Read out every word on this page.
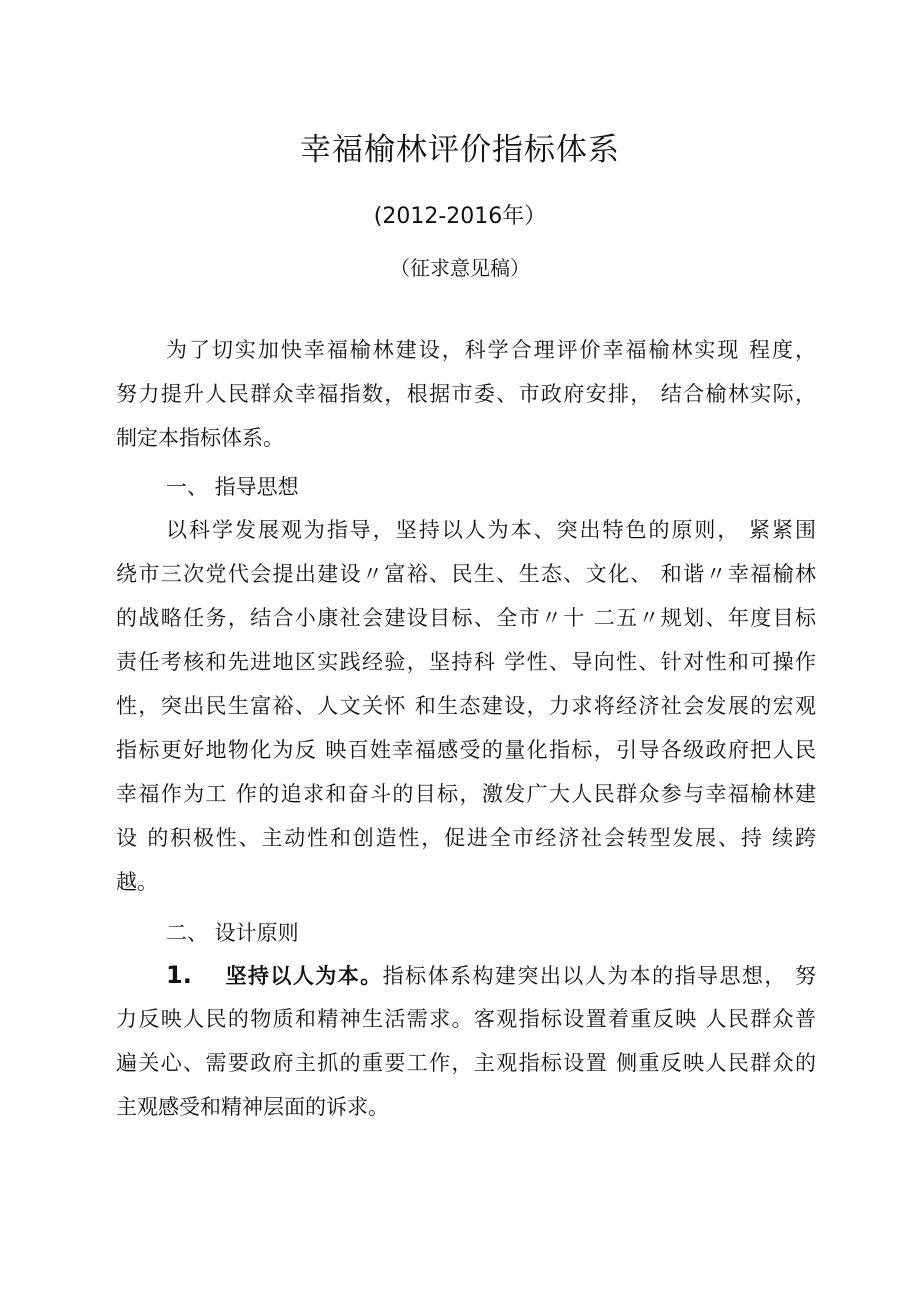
幸福榆林评价指标体系
(2012-2016年）
（征求意见稿）
为了切实加快幸福榆林建设，科学合理评价幸福榆林实现 程度，
努力提升人民群众幸福指数，根据市委、市政府安排， 结合榆林实际，
制定本指标体系。
一、 指导思想
以科学发展观为指导，坚持以人为本、突出特色的原则， 紧紧围
绕市三次党代会提出建设〃富裕、民生、生态、文化、 和谐〃幸福榆林
的战略任务，结合小康社会建设目标、全市〃十 二五〃规划、年度目标
责任考核和先进地区实践经验，坚持科 学性、导向性、针对性和可操作
性，突出民生富裕、人文关怀 和生态建设，力求将经济社会发展的宏观
指标更好地物化为反 映百姓幸福感受的量化指标，引导各级政府把人民
幸福作为工 作的追求和奋斗的目标，激发广大人民群众参与幸福榆林建
设 的积极性、主动性和创造性，促进全市经济社会转型发展、持 续跨
越。
二、 设计原则
1. 坚持以人为本。指标体系构建突出以人为本的指导思想， 努
力反映人民的物质和精神生活需求。客观指标设置着重反映 人民群众普
遍关心、需要政府主抓的重要工作，主观指标设置 侧重反映人民群众的
主观感受和精神层面的诉求。
